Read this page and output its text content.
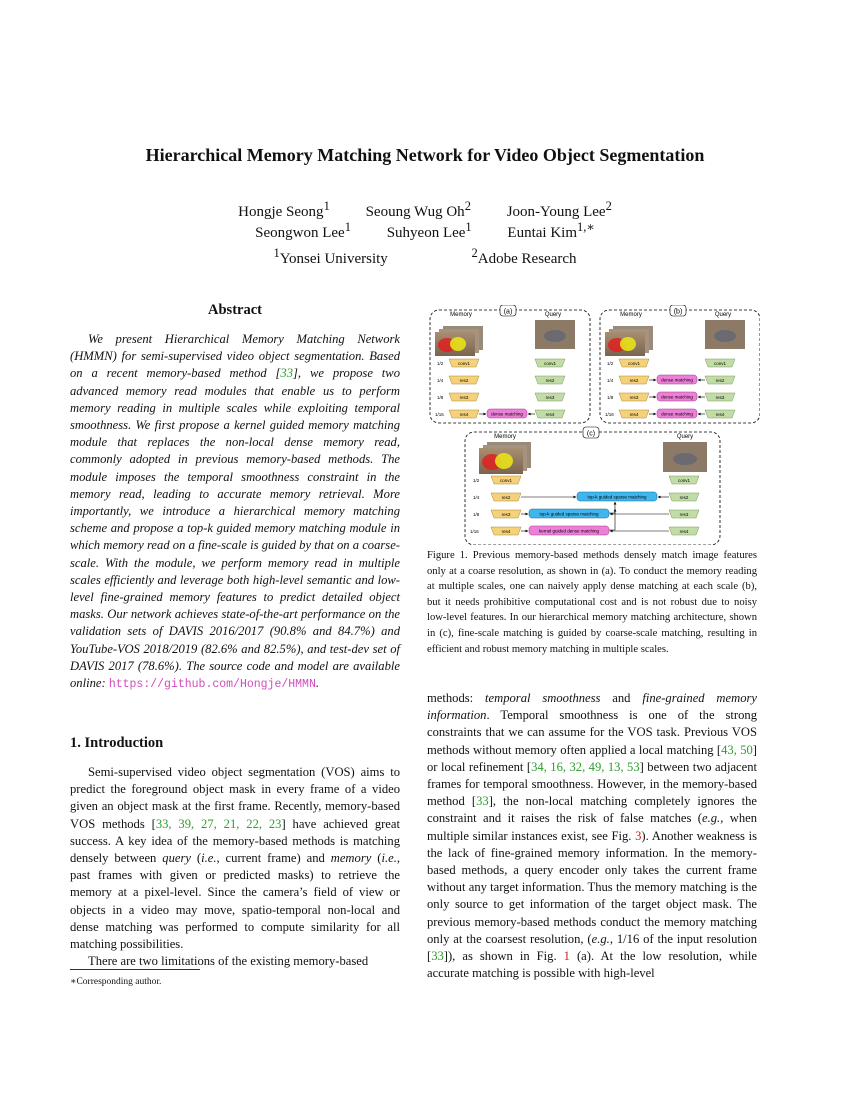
Hierarchical Memory Matching Network for Video Object Segmentation
Hongje Seong$^1$ Seoung Wug Oh$^2$ Joon-Young Lee$^2$
Seongwon Lee$^1$ Suhyeon Lee$^1$ Euntai Kim$^{1,∗}$
$^1$Yonsei University	$^2$Adobe Research
Abstract

We present Hierarchical Memory Matching Network (HMMN) for semi-supervised video object segmentation. Based on a recent memory-based method [33], we propose two advanced memory read modules that enable us to perform memory reading in multiple scales while exploiting temporal smoothness. We first propose a kernel guided memory matching module that replaces the non-local dense memory read, commonly adopted in previous memory-based methods. The module imposes the temporal smoothness constraint in the memory read, leading to accurate memory retrieval. More importantly, we introduce a hierarchical memory matching scheme and propose a top-k guided memory matching module in which memory read on a fine-scale is guided by that on a coarse-scale. With the module, we perform memory read in multiple scales efficiently and leverage both high-level semantic and low-level fine-grained memory features to predict detailed object masks. Our network achieves state-of-the-art performance on the validation sets of DAVIS 2016/2017 (90.8% and 84.7%) and YouTube-VOS 2018/2019 (82.6% and 82.5%), and test-dev set of DAVIS 2017 (78.6%). The source code and model are available online: https://github.com/Hongje/HMMN.

1. Introduction

Semi-supervised video object segmentation (VOS) aims to predict the foreground object mask in every frame of a video given an object mask at the first frame. Recently, memory-based VOS methods [33, 39, 27, 21, 22, 23] have achieved great success. A key idea of the memory-based methods is matching densely between query (i.e., current frame) and memory (i.e., past frames with given or predicted masks) to retrieve the memory at a pixel-level. Since the camera’s field of view or objects in a video may move, spatio-temporal non-local and dense matching was performed to compute similarity for all matching possibilities.

There are two limitations of the existing memory-based

∗Corresponding author.
(a)
Memory	Query
1/2
1/4
1/8
1/16
conv1
res2
res3
res4
conv1
res2
res3
res4
dense matching
(b)
Memory	Query
1/2
1/4
1/8
1/16
conv1
res2
res3
res4
conv1
res2
res3
res4
dense matching
dense matching
dense matching
(c)
Memory	Query
1/2
1/4
1/8
1/16
conv1
res2
res3
res4
conv1
res2
res3
res4
top-k guided sparse matching
top-k guided sparse matching
kernel guided dense matching
Figure 1. Previous memory-based methods densely match image features only at a coarse resolution, as shown in (a). To conduct the memory reading at multiple scales, one can naively apply dense matching at each scale (b), but it needs prohibitive computational cost and is not robust due to noisy low-level features. In our hierarchical memory matching architecture, shown in (c), fine-scale matching is guided by coarse-scale matching, resulting in efficient and robust memory matching in multiple scales.

methods: temporal smoothness and fine-grained memory information. Temporal smoothness is one of the strong constraints that we can assume for the VOS task. Previous VOS methods without memory often applied a local matching [43, 50] or local refinement [34, 16, 32, 49, 13, 53] between two adjacent frames for temporal smoothness. However, in the memory-based method [33], the non-local matching completely ignores the constraint and it raises the risk of false matches (e.g., when multiple similar instances exist, see Fig. 3). Another weakness is the lack of fine-grained memory information. In the memory-based methods, a query encoder only takes the current frame without any target information. Thus the memory matching is the only source to get information of the target object mask. The previous memory-based methods conduct the memory matching only at the coarsest resolution, (e.g., 1/16 of the input resolution [33]), as shown in Fig. 1 (a). At the low resolution, while accurate matching is possible with high-level
